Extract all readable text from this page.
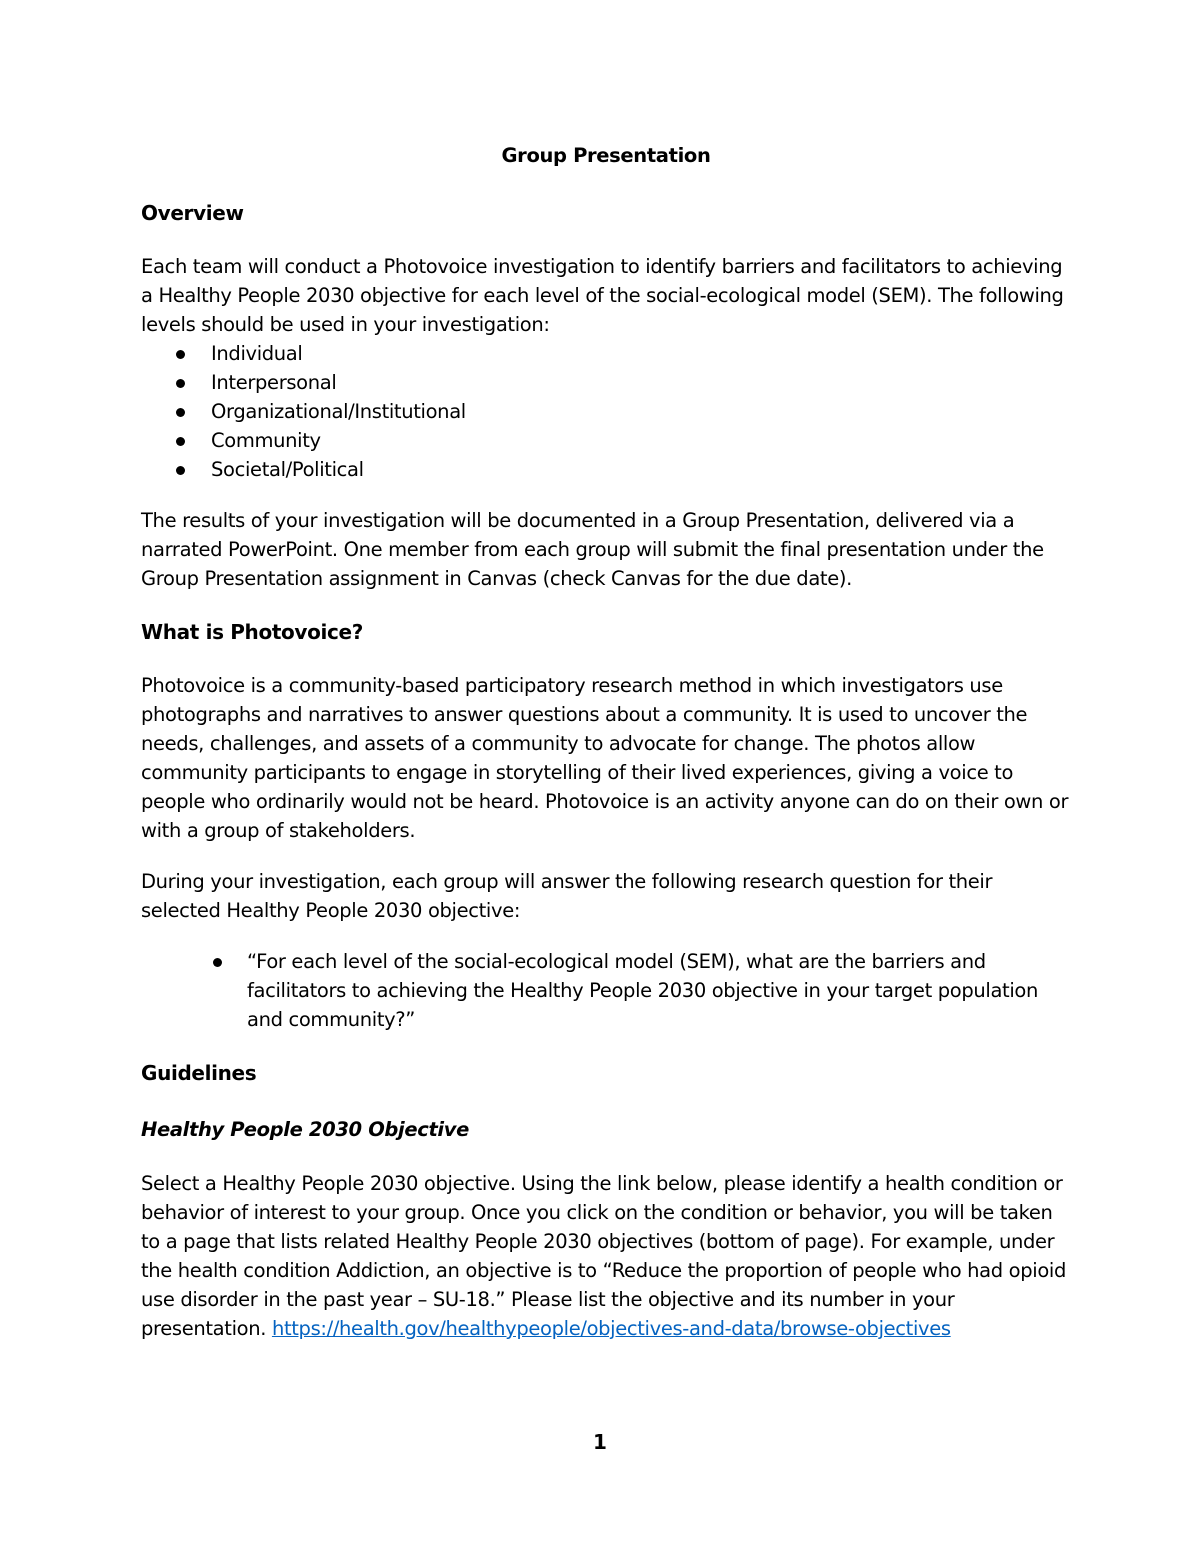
Group Presentation

Overview

Each team will conduct a Photovoice investigation to identify barriers and facilitators to achieving a Healthy People 2030 objective for each level of the social-ecological model (SEM). The following levels should be used in your investigation:

Individual
Interpersonal
Organizational/Institutional
Community
Societal/Political

The results of your investigation will be documented in a Group Presentation, delivered via a narrated PowerPoint. One member from each group will submit the final presentation under the Group Presentation assignment in Canvas (check Canvas for the due date).

What is Photovoice?

Photovoice is a community-based participatory research method in which investigators use photographs and narratives to answer questions about a community. It is used to uncover the needs, challenges, and assets of a community to advocate for change. The photos allow community participants to engage in storytelling of their lived experiences, giving a voice to people who ordinarily would not be heard. Photovoice is an activity anyone can do on their own or with a group of stakeholders.

During your investigation, each group will answer the following research question for their selected Healthy People 2030 objective:

“For each level of the social-ecological model (SEM), what are the barriers and facilitators to achieving the Healthy People 2030 objective in your target population and community?”

Guidelines

Healthy People 2030 Objective

Select a Healthy People 2030 objective. Using the link below, please identify a health condition or behavior of interest to your group. Once you click on the condition or behavior, you will be taken to a page that lists related Healthy People 2030 objectives (bottom of page). For example, under the health condition Addiction, an objective is to “Reduce the proportion of people who had opioid use disorder in the past year – SU-18.” Please list the objective and its number in your presentation. https://health.gov/healthypeople/objectives-and-data/browse-objectives

1
